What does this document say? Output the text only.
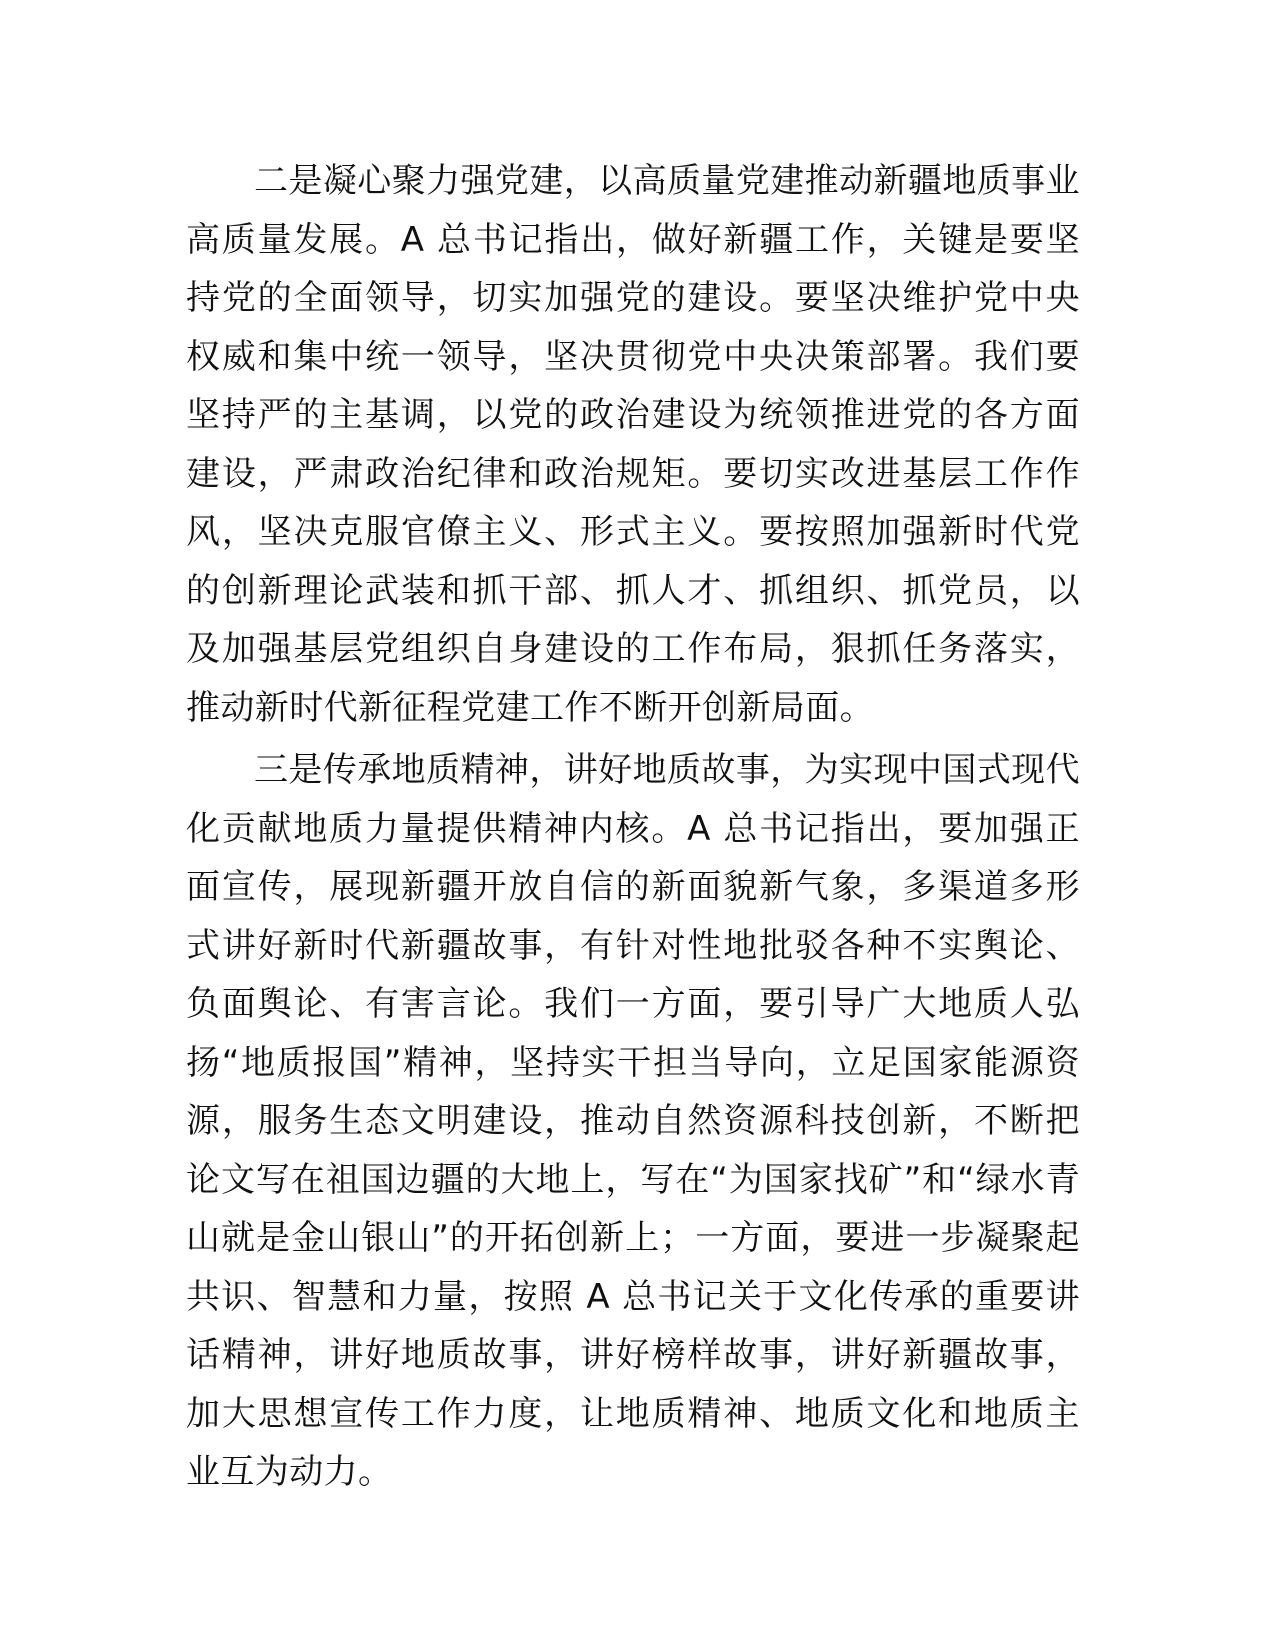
二是凝心聚力强党建，以高质量党建推动新疆地质事业高质量发展。A 总书记指出，做好新疆工作，关键是要坚持党的全面领导，切实加强党的建设。要坚决维护党中央权威和集中统一领导，坚决贯彻党中央决策部署。我们要坚持严的主基调，以党的政治建设为统领推进党的各方面建设，严肃政治纪律和政治规矩。要切实改进基层工作作风，坚决克服官僚主义、形式主义。要按照加强新时代党的创新理论武装和抓干部、抓人才、抓组织、抓党员，以及加强基层党组织自身建设的工作布局，狠抓任务落实，推动新时代新征程党建工作不断开创新局面。

三是传承地质精神，讲好地质故事，为实现中国式现代化贡献地质力量提供精神内核。A 总书记指出，要加强正面宣传，展现新疆开放自信的新面貌新气象，多渠道多形式讲好新时代新疆故事，有针对性地批驳各种不实舆论、负面舆论、有害言论。我们一方面，要引导广大地质人弘扬“地质报国”精神，坚持实干担当导向，立足国家能源资源，服务生态文明建设，推动自然资源科技创新，不断把论文写在祖国边疆的大地上，写在“为国家找矿”和“绿水青山就是金山银山”的开拓创新上；一方面，要进一步凝聚起共识、智慧和力量，按照 A 总书记关于文化传承的重要讲话精神，讲好地质故事，讲好榜样故事，讲好新疆故事，加大思想宣传工作力度，让地质精神、地质文化和地质主业互为动力。
